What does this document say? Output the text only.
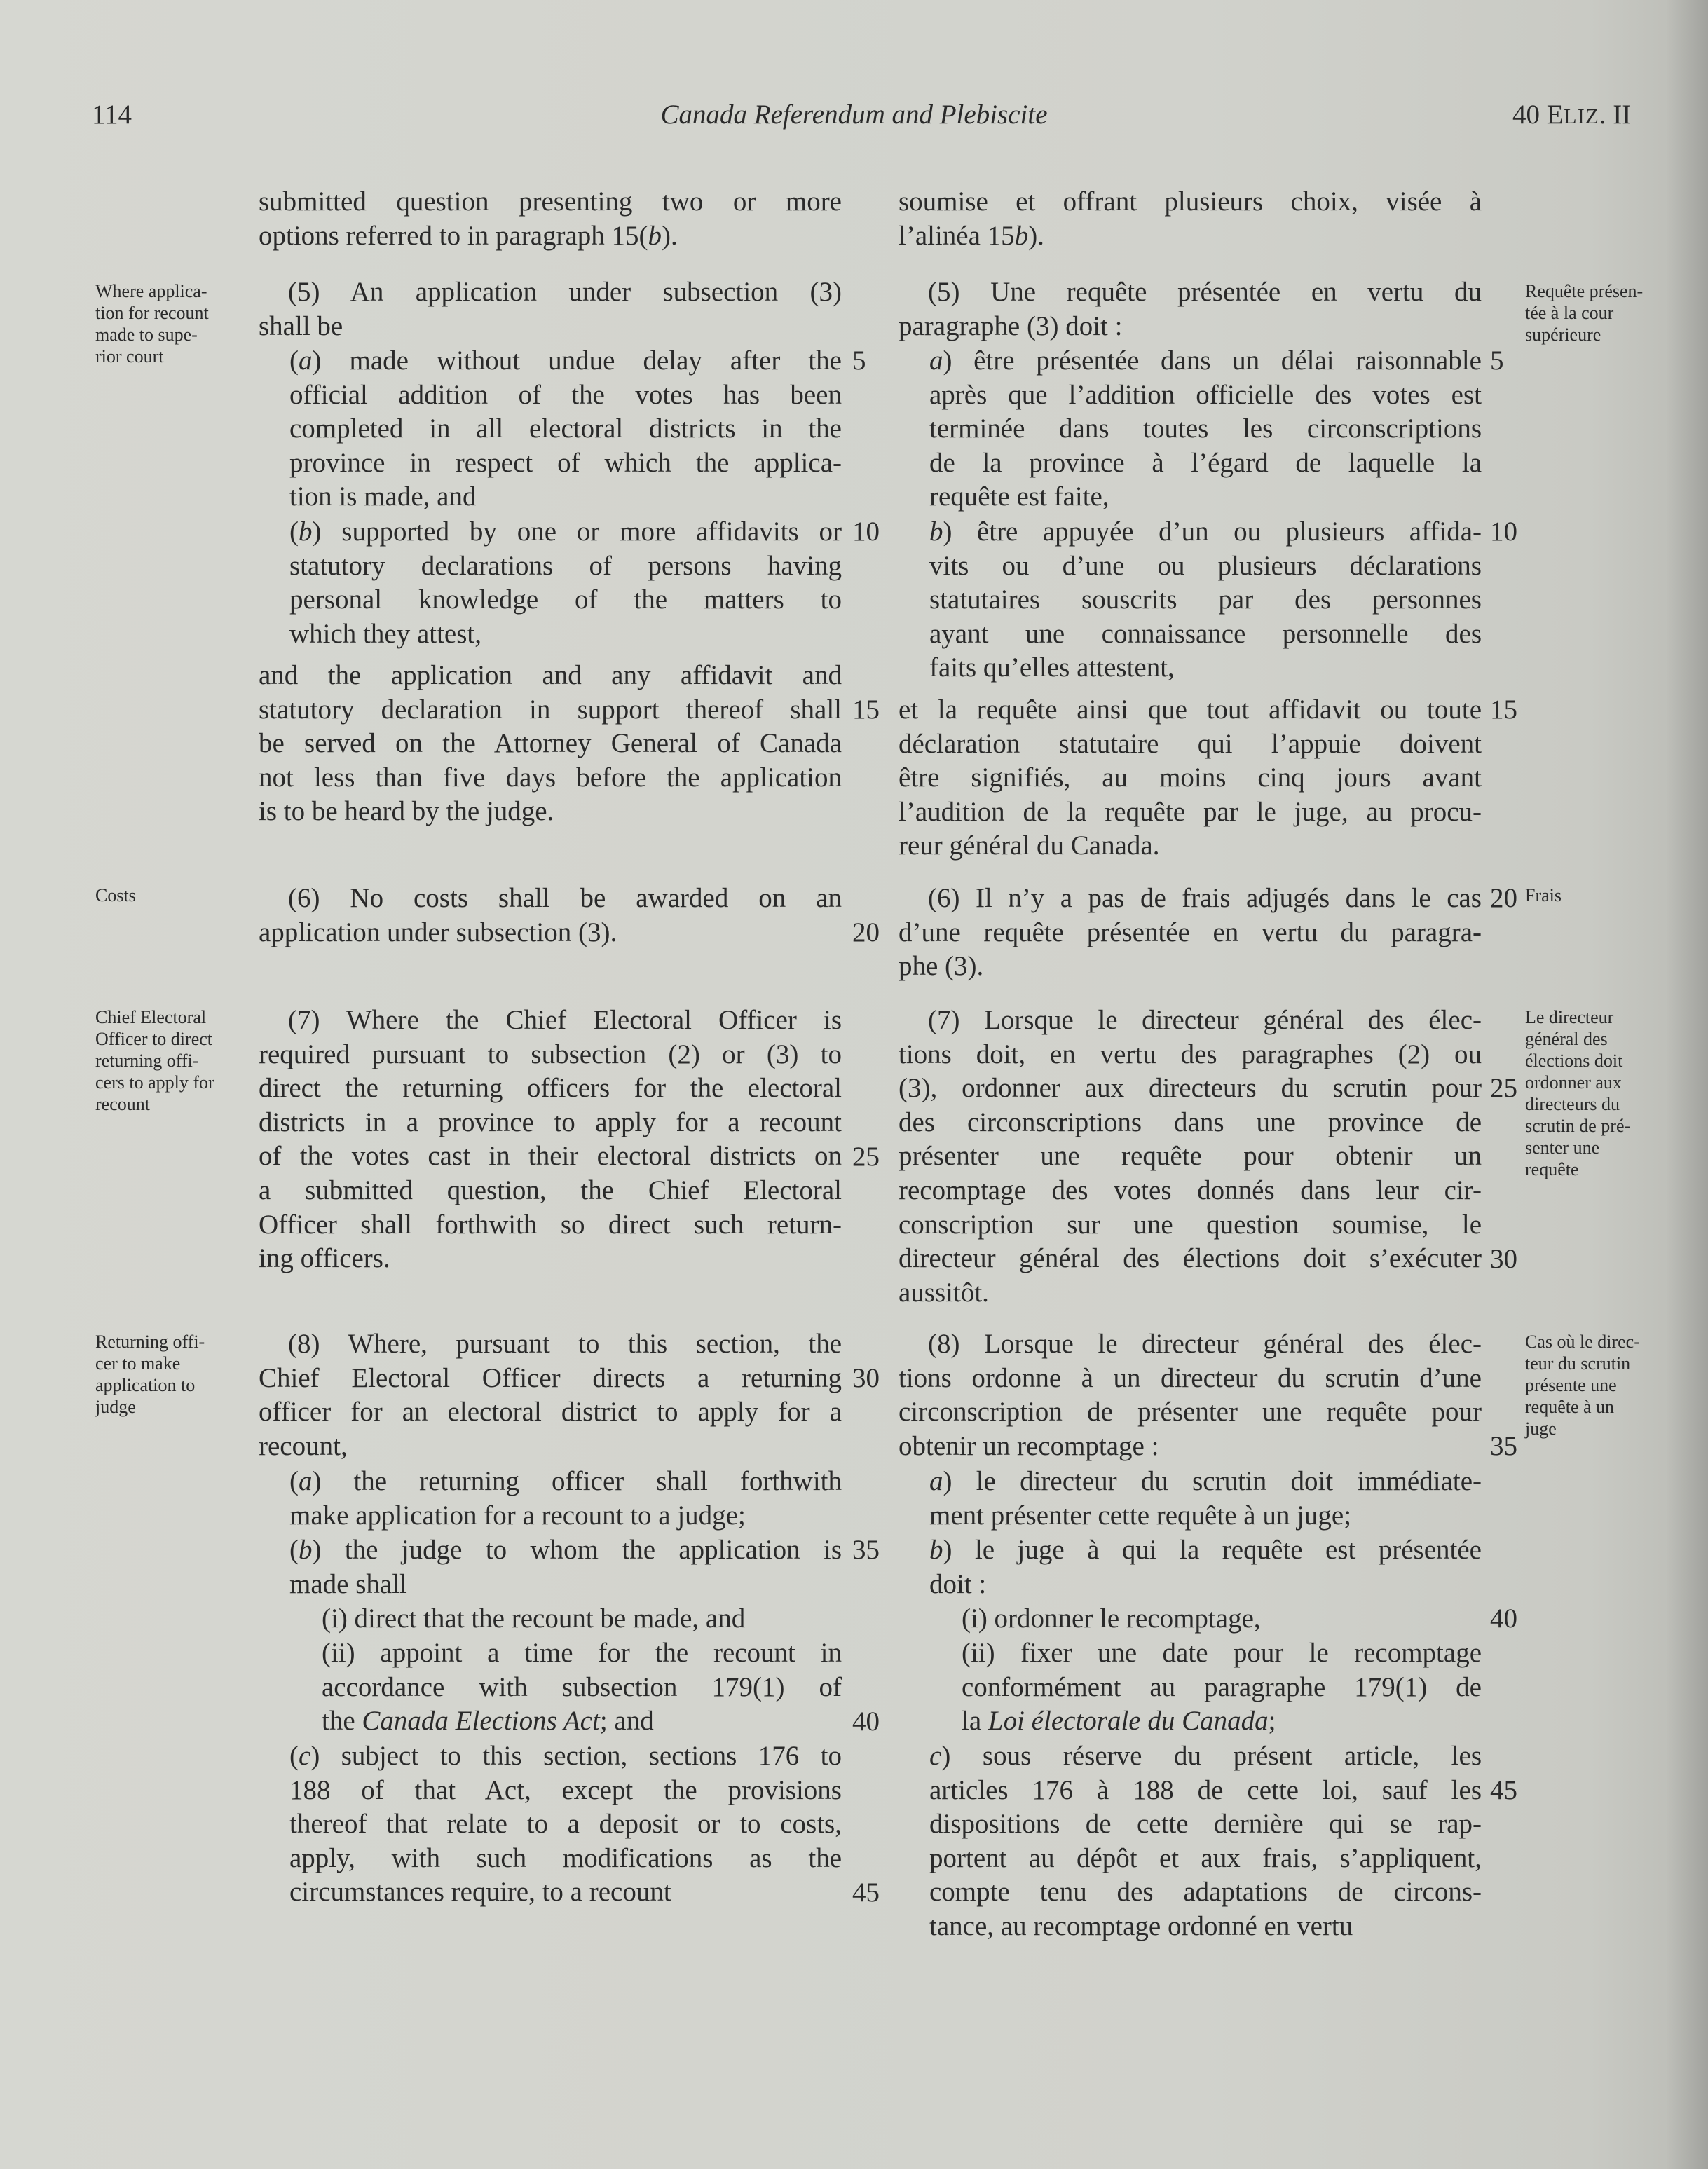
114	Canada Referendum and Plebiscite	40 ELIZ. II
Where applica-
tion for recount
made to supe-
rior court
Costs
Chief Electoral
Officer to direct
returning offi-
cers to apply for
recount
Returning offi-
cer to make
application to
judge
Requête présen-
tée à la cour
supérieure
Frais
Le directeur
général des
élections doit
ordonner aux
directeurs du
scrutin de pré-
senter une
requête
Cas où le direc-
teur du scrutin
présente une
requête à un
juge
submitted question presenting two or more
options referred to in paragraph 15(b).
(5) An application under subsection (3)
shall be
(a) made without undue delay after the
official addition of the votes has been
completed in all electoral districts in the
province in respect of which the applica-
tion is made, and
(b) supported by one or more affidavits or
statutory declarations of persons having
personal knowledge of the matters to
which they attest,
and the application and any affidavit and
statutory declaration in support thereof shall
be served on the Attorney General of Canada
not less than five days before the application
is to be heard by the judge.
(6) No costs shall be awarded on an
application under subsection (3).
(7) Where the Chief Electoral Officer is
required pursuant to subsection (2) or (3) to
direct the returning officers for the electoral
districts in a province to apply for a recount
of the votes cast in their electoral districts on
a submitted question, the Chief Electoral
Officer shall forthwith so direct such return-
ing officers.
(8) Where, pursuant to this section, the
Chief Electoral Officer directs a returning
officer for an electoral district to apply for a
recount,
(a) the returning officer shall forthwith
make application for a recount to a judge;
(b) the judge to whom the application is
made shall
(i) direct that the recount be made, and
(ii) appoint a time for the recount in
accordance with subsection 179(1) of
the Canada Elections Act; and
(c) subject to this section, sections 176 to
188 of that Act, except the provisions
thereof that relate to a deposit or to costs,
apply, with such modifications as the
circumstances require, to a recount
soumise et offrant plusieurs choix, visée à
l’alinéa 15b).
(5) Une requête présentée en vertu du
paragraphe (3) doit :
a) être présentée dans un délai raisonnable
après que l’addition officielle des votes est
terminée dans toutes les circonscriptions
de la province à l’égard de laquelle la
requête est faite,
b) être appuyée d’un ou plusieurs affida-
vits ou d’une ou plusieurs déclarations
statutaires souscrits par des personnes
ayant une connaissance personnelle des
faits qu’elles attestent,
et la requête ainsi que tout affidavit ou toute
déclaration statutaire qui l’appuie doivent
être signifiés, au moins cinq jours avant
l’audition de la requête par le juge, au procu-
reur général du Canada.
(6) Il n’y a pas de frais adjugés dans le cas
d’une requête présentée en vertu du paragra-
phe (3).
(7) Lorsque le directeur général des élec-
tions doit, en vertu des paragraphes (2) ou
(3), ordonner aux directeurs du scrutin pour
des circonscriptions dans une province de
présenter une requête pour obtenir un
recomptage des votes donnés dans leur cir-
conscription sur une question soumise, le
directeur général des élections doit s’exécuter
aussitôt.
(8) Lorsque le directeur général des élec-
tions ordonne à un directeur du scrutin d’une
circonscription de présenter une requête pour
obtenir un recomptage :
a) le directeur du scrutin doit immédiate-
ment présenter cette requête à un juge;
b) le juge à qui la requête est présentée
doit :
(i) ordonner le recomptage,
(ii) fixer une date pour le recomptage
conformément au paragraphe 179(1) de
la Loi électorale du Canada;
c) sous réserve du présent article, les
articles 176 à 188 de cette loi, sauf les
dispositions de cette dernière qui se rap-
portent au dépôt et aux frais, s’appliquent,
compte tenu des adaptations de circons-
tance, au recomptage ordonné en vertu
5
10
15
20
25
30
35
40
45
5
10
15
20
25
30
35
40
45
